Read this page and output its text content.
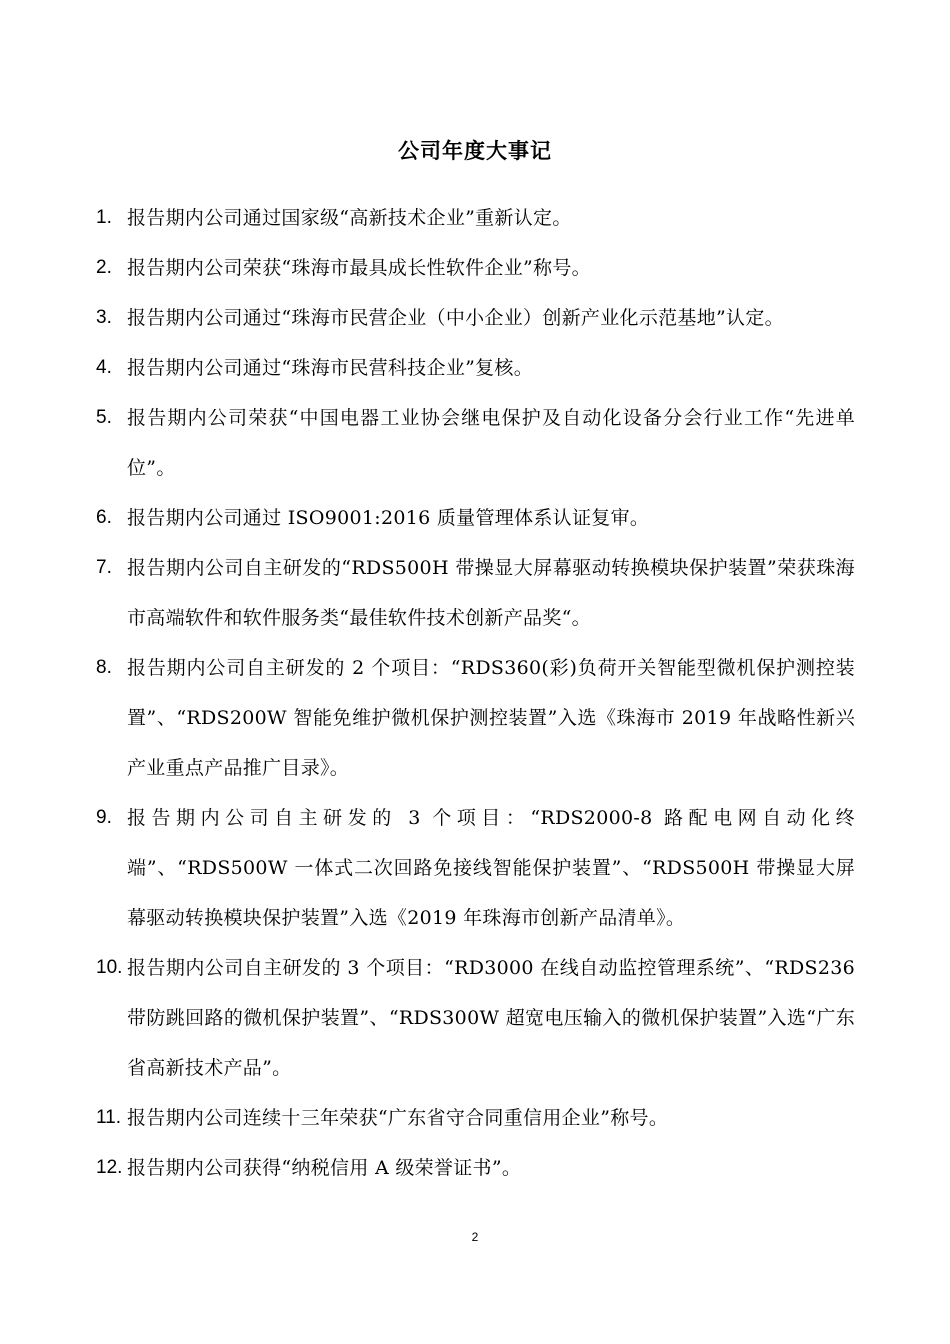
公司年度大事记
1. 报告期内公司通过国家级“高新技术企业”重新认定。
2. 报告期内公司荣获“珠海市最具成长性软件企业”称号。
3. 报告期内公司通过“珠海市民营企业（中小企业）创新产业化示范基地”认定。
4. 报告期内公司通过“珠海市民营科技企业”复核。
5. 报告期内公司荣获“中国电器工业协会继电保护及自动化设备分会行业工作“先进单位”。
6. 报告期内公司通过 ISO9001:2016 质量管理体系认证复审。
7. 报告期内公司自主研发的“RDS500H 带操显大屏幕驱动转换模块保护装置”荣获珠海市高端软件和软件服务类“最佳软件技术创新产品奖“。
8. 报告期内公司自主研发的 2 个项目：“RDS360(彩)负荷开关智能型微机保护测控装置”、“RDS200W 智能免维护微机保护测控装置”入选《珠海市 2019 年战略性新兴产业重点产品推广目录》。
9. 报告期内公司自主研发的 3 个项目：“RDS2000-8 路配电网自动化终端”、“RDS500W 一体式二次回路免接线智能保护装置”、“RDS500H 带操显大屏幕驱动转换模块保护装置”入选《2019 年珠海市创新产品清单》。
10. 报告期内公司自主研发的 3 个项目：“RD3000 在线自动监控管理系统”、“RDS236 带防跳回路的微机保护装置”、“RDS300W 超宽电压输入的微机保护装置”入选“广东省高新技术产品”。
11. 报告期内公司连续十三年荣获“广东省守合同重信用企业”称号。
12. 报告期内公司获得“纳税信用 A 级荣誉证书”。
2
